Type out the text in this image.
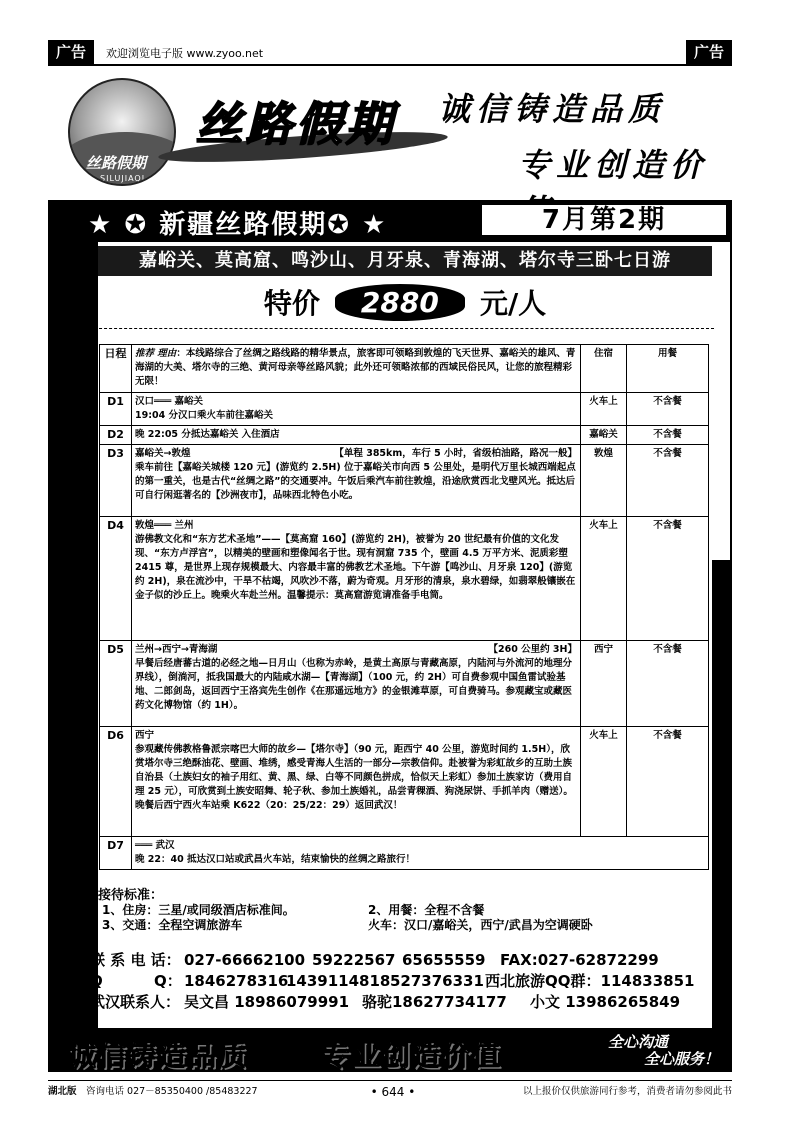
广告	欢迎浏览电子版 www.zyoo.net	广告
丝路假期
SILUJIAQI
丝路假期 诚信铸造品质
专业创造价
★ ✪ 新疆丝路假期✪ ★	7月第2期
嘉峪关、莫高窟、鸣沙山、月牙泉、青海湖、塔尔寺三卧七日游
特价 2880 元/人
日程	推荐 理由：本线路综合了丝绸之路线路的精华景点，旅客即可领略到敦煌的飞天世界、嘉峪关的雄风、青海湖的大美、塔尔寺的三绝、黄河母亲等丝路风貌；此外还可领略浓郁的西域民俗民风，让您的旅程精彩无限！	住宿	用餐
D1	汉口═══ 嘉峪关
19:04 分汉口乘火车前往嘉峪关	火车上	不含餐
D2	晚 22:05 分抵达嘉峪关 入住酒店	嘉峪关	不含餐
D3	嘉峪关→敦煌 【单程 385km，车行 5 小时，省级柏油路，路况一般】
乘车前往【嘉峪关城楼 120 元】(游览约 2.5H) 位于嘉峪关市向西 5 公里处，是明代万里长城西端起点的第一重关，也是古代“丝绸之路”的交通要冲。午饭后乘汽车前往敦煌，沿途欣赏西北戈壁风光。抵达后可自行闲逛著名的【沙洲夜市】，品味西北特色小吃。	敦煌	不含餐
D4	敦煌═══ 兰州
游佛教文化和“东方艺术圣地”——【莫高窟 160】(游览约 2H)，被誉为 20 世纪最有价值的文化发现、“东方卢浮宫”，以精美的壁画和塑像闻名于世。现有洞窟 735 个，壁画 4.5 万平方米、泥质彩塑 2415 尊，是世界上现存规模最大、内容最丰富的佛教艺术圣地。下午游【鸣沙山、月牙泉 120】(游览约 2H)，泉在流沙中，干旱不枯竭，风吹沙不落，蔚为奇观。月牙形的清泉，泉水碧绿，如翡翠般镶嵌在金子似的沙丘上。晚乘火车赴兰州。温馨提示：莫高窟游览请准备手电筒。	火车上	不含餐
D5	兰州→西宁→青海湖 【260 公里约 3H】
早餐后经唐蕃古道的必经之地—日月山（也称为赤岭，是黄土高原与青藏高原，内陆河与外流河的地理分界线），倒淌河，抵我国最大的内陆咸水湖—【青海湖】（100 元，约 2H）可自费参观中国鱼雷试验基地、二郎剑岛，返回西宁王洛宾先生创作《在那遥远地方》的金银滩草原，可自费骑马。参观藏宝或藏医药文化博物馆（约 1H）。	西宁	不含餐
D6	西宁
参观藏传佛教格鲁派宗喀巴大师的故乡—【塔尔寺】（90 元，距西宁 40 公里，游览时间约 1.5H），欣赏塔尔寺三绝酥油花、壁画、堆绣，感受青海人生活的一部分—宗教信仰。赴被誉为彩虹故乡的互助土族自治县（土族妇女的袖子用红、黄、黑、绿、白等不同颜色拼成，恰似天上彩虹）参加土族家访（费用自理 25 元），可欣赏到土族安昭舞、轮子秋、参加土族婚礼，品尝青稞酒、狗浇尿饼、手抓羊肉（赠送）。晚餐后西宁西火车站乘 K622（20：25/22：29）返回武汉！	火车上	不含餐
D7	═══ 武汉
晚 22：40 抵达汉口站或武昌火车站，结束愉快的丝绸之路旅行！		
接待标准：
1、住房：三星/或同级酒店标准间。	2、用餐：全程不含餐
3、交通：全程空调旅游车	火车：汉口/嘉峪关，西宁/武昌为空调硬卧
联 系 电 话： 027-66662100 59222567 65655559 FAX:027-62872299
Q	Q： 1846278316
1439114818 527376331 西北旅游QQ群：114833851
武汉联系人： 吴文昌 18986079991 骆驼18627734177 小文 13986265849
诚信铸造品质	专业创造价值	全心沟通
全心服务！
湖北版 咨询电话 027－85350400 /85483227	• 644 •	以上报价仅供旅游同行参考，消费者请勿参阅此书
